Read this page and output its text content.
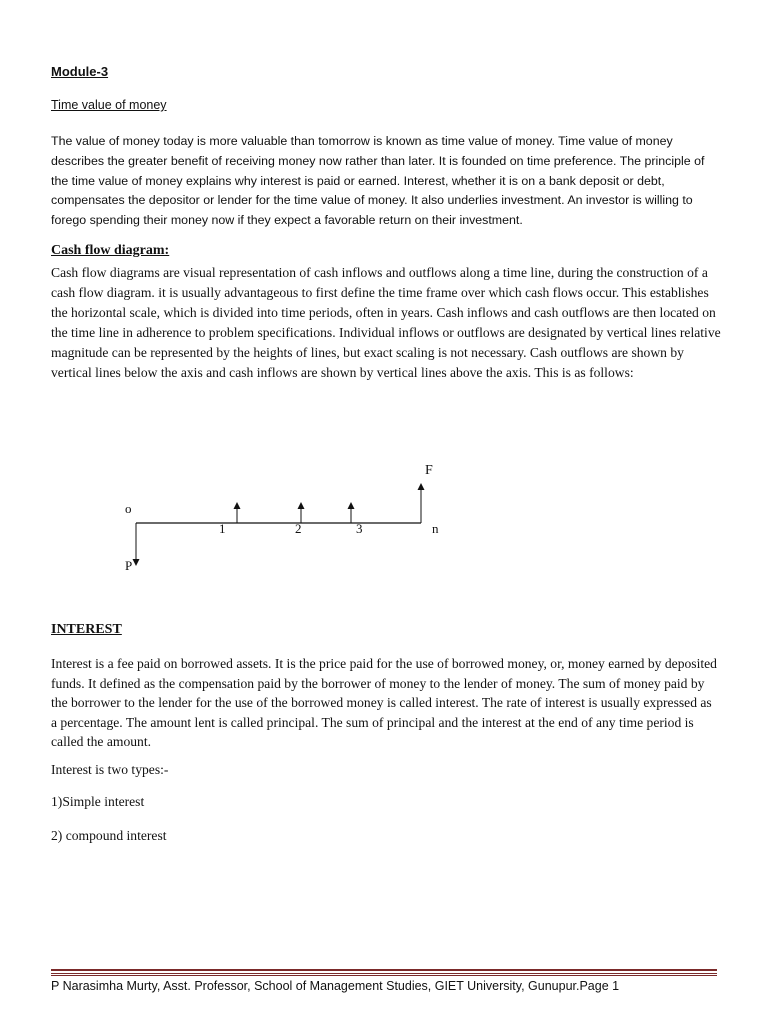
Module-3
Time value of money
The value of money today is more valuable than tomorrow is known as time value of money. Time value of money describes the greater benefit of receiving money now rather than later. It is founded on time preference. The principle of the time value of money explains why interest is paid or earned. Interest, whether it is on a bank deposit or debt, compensates the depositor or lender for the time value of money. It also underlies investment. An investor is willing to forego spending their money now if they expect a favorable return on their investment.
Cash flow diagram:
Cash flow diagrams are visual representation of cash inflows and outflows along a time line, during the construction of a cash flow diagram. it is usually advantageous to first define the time frame over which cash flows occur. This establishes the horizontal scale, which is divided into time periods, often in years. Cash inflows and cash outflows are then located on the time line in adherence to problem specifications. Individual inflows or outflows are designated by vertical lines relative magnitude can be represented by the heights of lines, but exact scaling is not necessary. Cash outflows are shown by vertical lines below the axis and cash inflows are shown by vertical lines above the axis. This is as follows:
o
n
1	2	3
F
P
INTEREST
Interest is a fee paid on borrowed assets. It is the price paid for the use of borrowed money, or, money earned by deposited funds. It defined as the compensation paid by the borrower of money to the lender of money. The sum of money paid by the borrower to the lender for the use of the borrowed money is called interest. The rate of interest is usually expressed as a percentage. The amount lent is called principal. The sum of principal and the interest at the end of any time period is called the amount.
Interest is two types:-
1)Simple interest
2) compound interest
P Narasimha Murty, Asst. Professor, School of Management Studies, GIET University, Gunupur.Page 1
